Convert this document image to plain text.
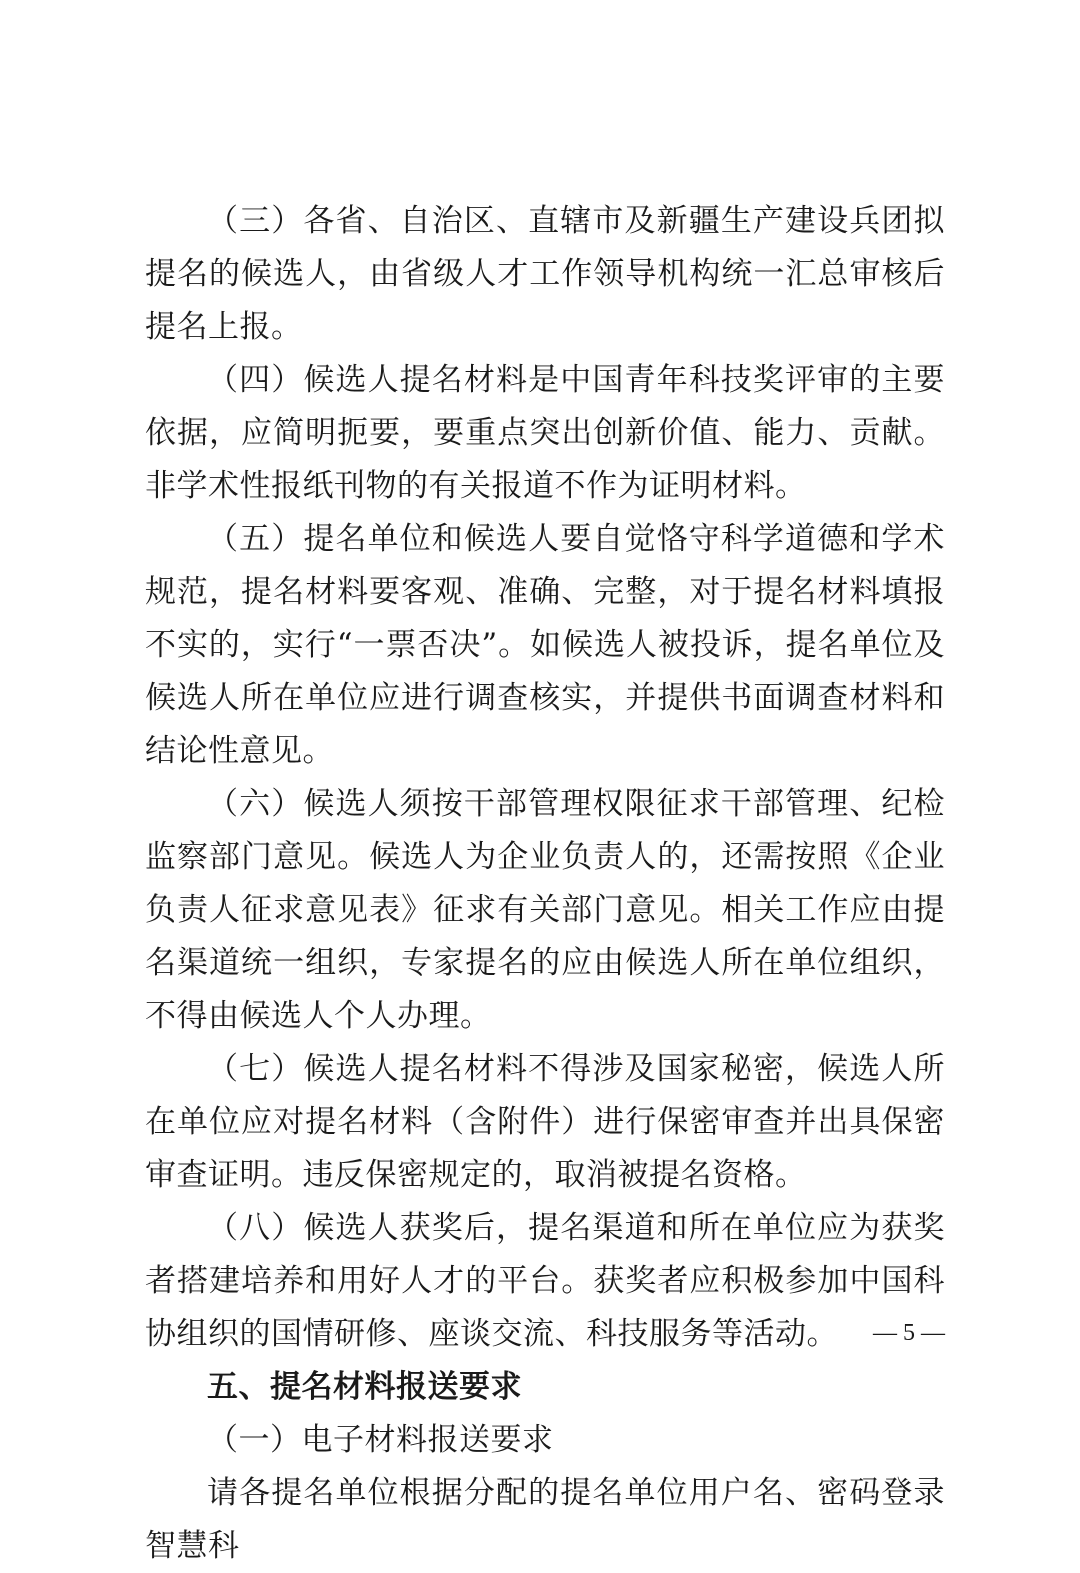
（三）各省、自治区、直辖市及新疆生产建设兵团拟提名的候选人，由省级人才工作领导机构统一汇总审核后提名上报。

（四）候选人提名材料是中国青年科技奖评审的主要依据，应简明扼要，要重点突出创新价值、能力、贡献。非学术性报纸刊物的有关报道不作为证明材料。

（五）提名单位和候选人要自觉恪守科学道德和学术规范，提名材料要客观、准确、完整，对于提名材料填报不实的，实行“一票否决”。如候选人被投诉，提名单位及候选人所在单位应进行调查核实，并提供书面调查材料和结论性意见。

（六）候选人须按干部管理权限征求干部管理、纪检监察部门意见。候选人为企业负责人的，还需按照《企业负责人征求意见表》征求有关部门意见。相关工作应由提名渠道统一组织，专家提名的应由候选人所在单位组织，不得由候选人个人办理。

（七）候选人提名材料不得涉及国家秘密，候选人所在单位应对提名材料（含附件）进行保密审查并出具保密审查证明。违反保密规定的，取消被提名资格。

（八）候选人获奖后，提名渠道和所在单位应为获奖者搭建培养和用好人才的平台。获奖者应积极参加中国科协组织的国情研修、座谈交流、科技服务等活动。

五、提名材料报送要求

（一）电子材料报送要求

请各提名单位根据分配的提名单位用户名、密码登录智慧科

— 5 —
